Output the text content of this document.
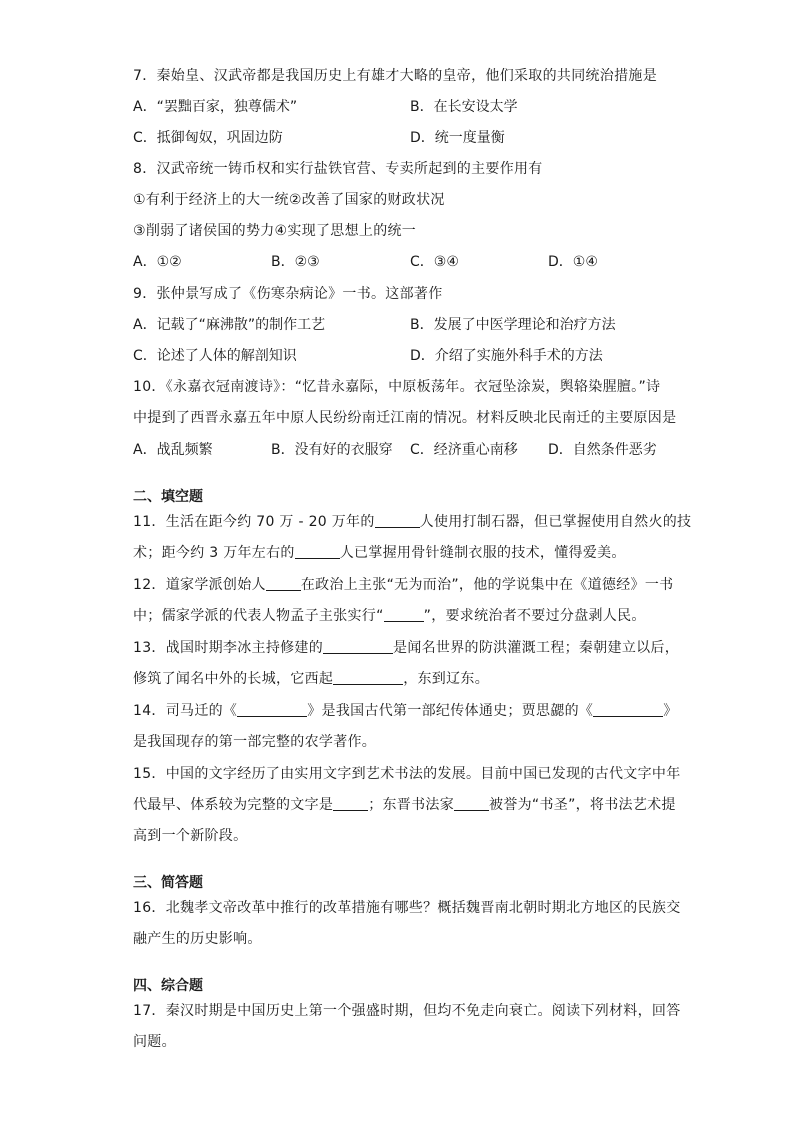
7．秦始皇、汉武帝都是我国历史上有雄才大略的皇帝，他们采取的共同统治措施是
A．“罢黜百家，独尊儒术”	B．在长安设太学
C．抵御匈奴，巩固边防	D．统一度量衡
8．汉武帝统一铸币权和实行盐铁官营、专卖所起到的主要作用有
①有利于经济上的大一统②改善了国家的财政状况
③削弱了诸侯国的势力④实现了思想上的统一
A．①②	B．②③	C．③④	D．①④
9．张仲景写成了《伤寒杂病论》一书。这部著作
A．记载了“麻沸散”的制作工艺	B．发展了中医学理论和治疗方法
C．论述了人体的解剖知识	D．介绍了实施外科手术的方法
10．《永嘉衣冠南渡诗》：“忆昔永嘉际，中原板荡年。衣冠坠涂炭，舆辂染腥膻。”诗
中提到了西晋永嘉五年中原人民纷纷南迁江南的情况。材料反映北民南迁的主要原因是
A．战乱频繁	B．没有好的衣服穿 C．经济重心南移 D．自然条件恶劣
二、填空题
11．生活在距今约 70 万 - 20 万年的	人使用打制石器，但已掌握使用自然火的技
术；距今约 3 万年左右的	人已掌握用骨针缝制衣服的技术，懂得爱美。
12．道家学派创始人	在政治上主张“无为而治”，他的学说集中在《道德经》一书
中；儒家学派的代表人物孟子主张实行“	”，要求统治者不要过分盘剥人民。
13．战国时期李冰主持修建的	是闻名世界的防洪灌溉工程；秦朝建立以后，
修筑了闻名中外的长城，它西起	，东到辽东。
14．司马迁的《	》是我国古代第一部纪传体通史；贾思勰的《	》
是我国现存的第一部完整的农学著作。
15．中国的文字经历了由实用文字到艺术书法的发展。目前中国已发现的古代文字中年
代最早、体系较为完整的文字是	；东晋书法家	被誉为“书圣”，将书法艺术提
高到一个新阶段。
三、简答题
16．北魏孝文帝改革中推行的改革措施有哪些？概括魏晋南北朝时期北方地区的民族交
融产生的历史影响。
四、综合题
17．秦汉时期是中国历史上第一个强盛时期，但均不免走向衰亡。阅读下列材料，回答
问题。
